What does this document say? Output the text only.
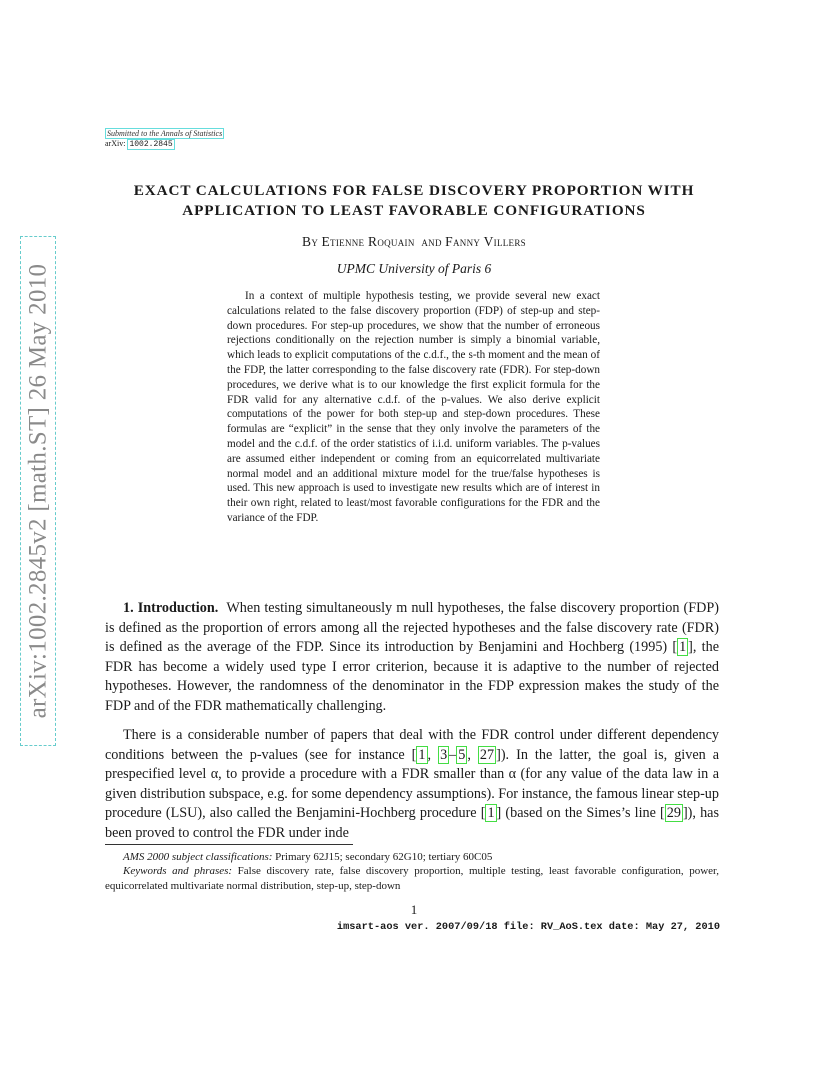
arXiv:1002.2845v2 [math.ST] 26 May 2010
Submitted to the Annals of Statistics
arXiv: 1002.2845
EXACT CALCULATIONS FOR FALSE DISCOVERY PROPORTION WITH APPLICATION TO LEAST FAVORABLE CONFIGURATIONS
By Etienne Roquain and Fanny Villers
UPMC University of Paris 6

In a context of multiple hypothesis testing, we provide several new exact calculations related to the false discovery proportion (FDP) of step-up and step-down procedures. For step-up procedures, we show that the number of erroneous rejections conditionally on the rejection number is simply a binomial variable, which leads to explicit computations of the c.d.f., the s-th moment and the mean of the FDP, the latter corresponding to the false discovery rate (FDR). For step-down procedures, we derive what is to our knowledge the first explicit formula for the FDR valid for any alternative c.d.f. of the p-values. We also derive explicit computations of the power for both step-up and step-down procedures. These formulas are “explicit” in the sense that they only involve the parameters of the model and the c.d.f. of the order statistics of i.i.d. uniform variables. The p-values are assumed either independent or coming from an equicorrelated multivariate normal model and an additional mixture model for the true/false hypotheses is used. This new approach is used to investigate new results which are of interest in their own right, related to least/most favorable configurations for the FDR and the variance of the FDP.

1. Introduction. When testing simultaneously m null hypotheses, the false discovery proportion (FDP) is defined as the proportion of errors among all the rejected hypotheses and the false discovery rate (FDR) is defined as the average of the FDP. Since its introduction by Benjamini and Hochberg (1995) [ 1 ], the FDR has become a widely used type I error criterion, because it is adaptive to the number of rejected hypotheses. However, the randomness of the denominator in the FDP expression makes the study of the FDP and of the FDR mathematically challenging.

There is a considerable number of papers that deal with the FDR control under different dependency conditions between the p-values (see for instance [ 1 , 3 – 5 , 27 ]). In the latter, the goal is, given a prespecified level α, to provide a procedure with a FDR smaller than α (for any value of the data law in a given distribution subspace, e.g. for some dependency assumptions). For instance, the famous linear step-up procedure (LSU), also called the Benjamini-Hochberg procedure [ 1 ] (based on the Simes’s line [ 29 ]), has been proved to control the FDR under inde

AMS 2000 subject classifications: Primary 62J15; secondary 62G10; tertiary 60C05

Keywords and phrases: False discovery rate, false discovery proportion, multiple testing, least favorable configuration, power, equicorrelated multivariate normal distribution, step-up, step-down

1
imsart-aos ver. 2007/09/18 file: RV_AoS.tex date: May 27, 2010
